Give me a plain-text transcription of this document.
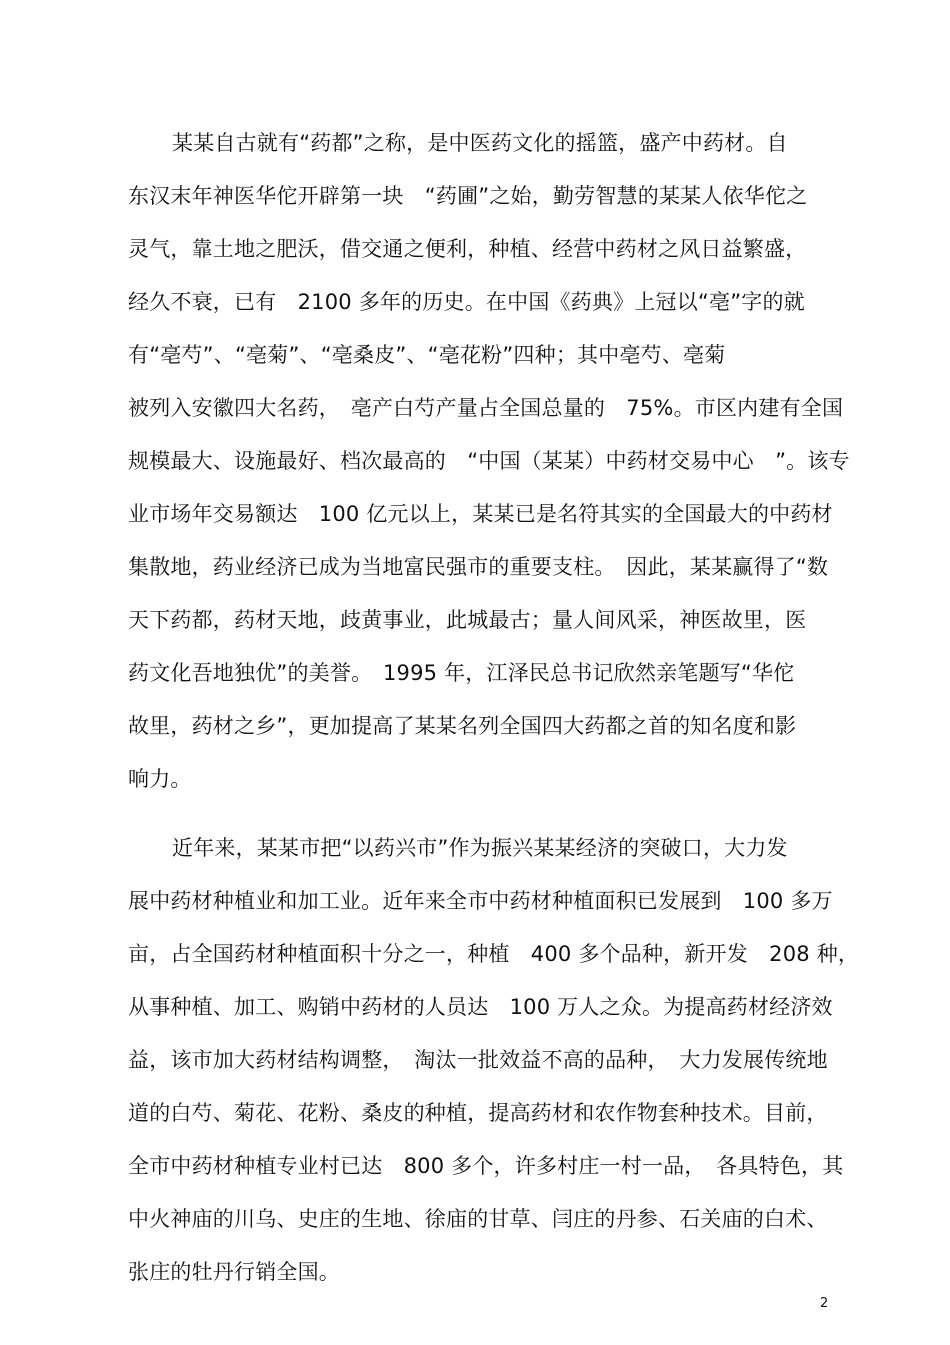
某某自古就有“药都”之称，是中医药文化的摇篮，盛产中药材。自

东汉末年神医华佗开辟第一块　“药圃”之始，勤劳智慧的某某人依华佗之

灵气，靠土地之肥沃，借交通之便利，种植、经营中药材之风日益繁盛，

经久不衰，已有　2100 多年的历史。在中国《药典》上冠以“亳”字的就

有“亳芍”、“亳菊”、“亳桑皮”、“亳花粉”四种；其中亳芍、亳菊

被列入安徽四大名药，　亳产白芍产量占全国总量的　75%。市区内建有全国

规模最大、设施最好、档次最高的　“中国（某某）中药材交易中心　”。该专

业市场年交易额达　100 亿元以上，某某已是名符其实的全国最大的中药材

集散地，药业经济已成为当地富民强市的重要支柱。　因此，某某赢得了“数

天下药都，药材天地，歧黄事业，此城最古；量人间风采，神医故里，医

药文化吾地独优”的美誉。　1995 年，江泽民总书记欣然亲笔题写“华佗

故里，药材之乡”，更加提高了某某名列全国四大药都之首的知名度和影

响力。

近年来，某某市把“以药兴市”作为振兴某某经济的突破口，大力发

展中药材种植业和加工业。近年来全市中药材种植面积已发展到　100 多万

亩，占全国药材种植面积十分之一，种植　400 多个品种，新开发　208 种，

从事种植、加工、购销中药材的人员达　100 万人之众。为提高药材经济效

益，该市加大药材结构调整，　淘汰一批效益不高的品种，　大力发展传统地

道的白芍、菊花、花粉、桑皮的种植，提高药材和农作物套种技术。目前，

全市中药材种植专业村已达　800 多个，许多村庄一村一品，　各具特色，其

中火神庙的川乌、史庄的生地、徐庙的甘草、闫庄的丹参、石关庙的白术、

张庄的牡丹行销全国。

2
